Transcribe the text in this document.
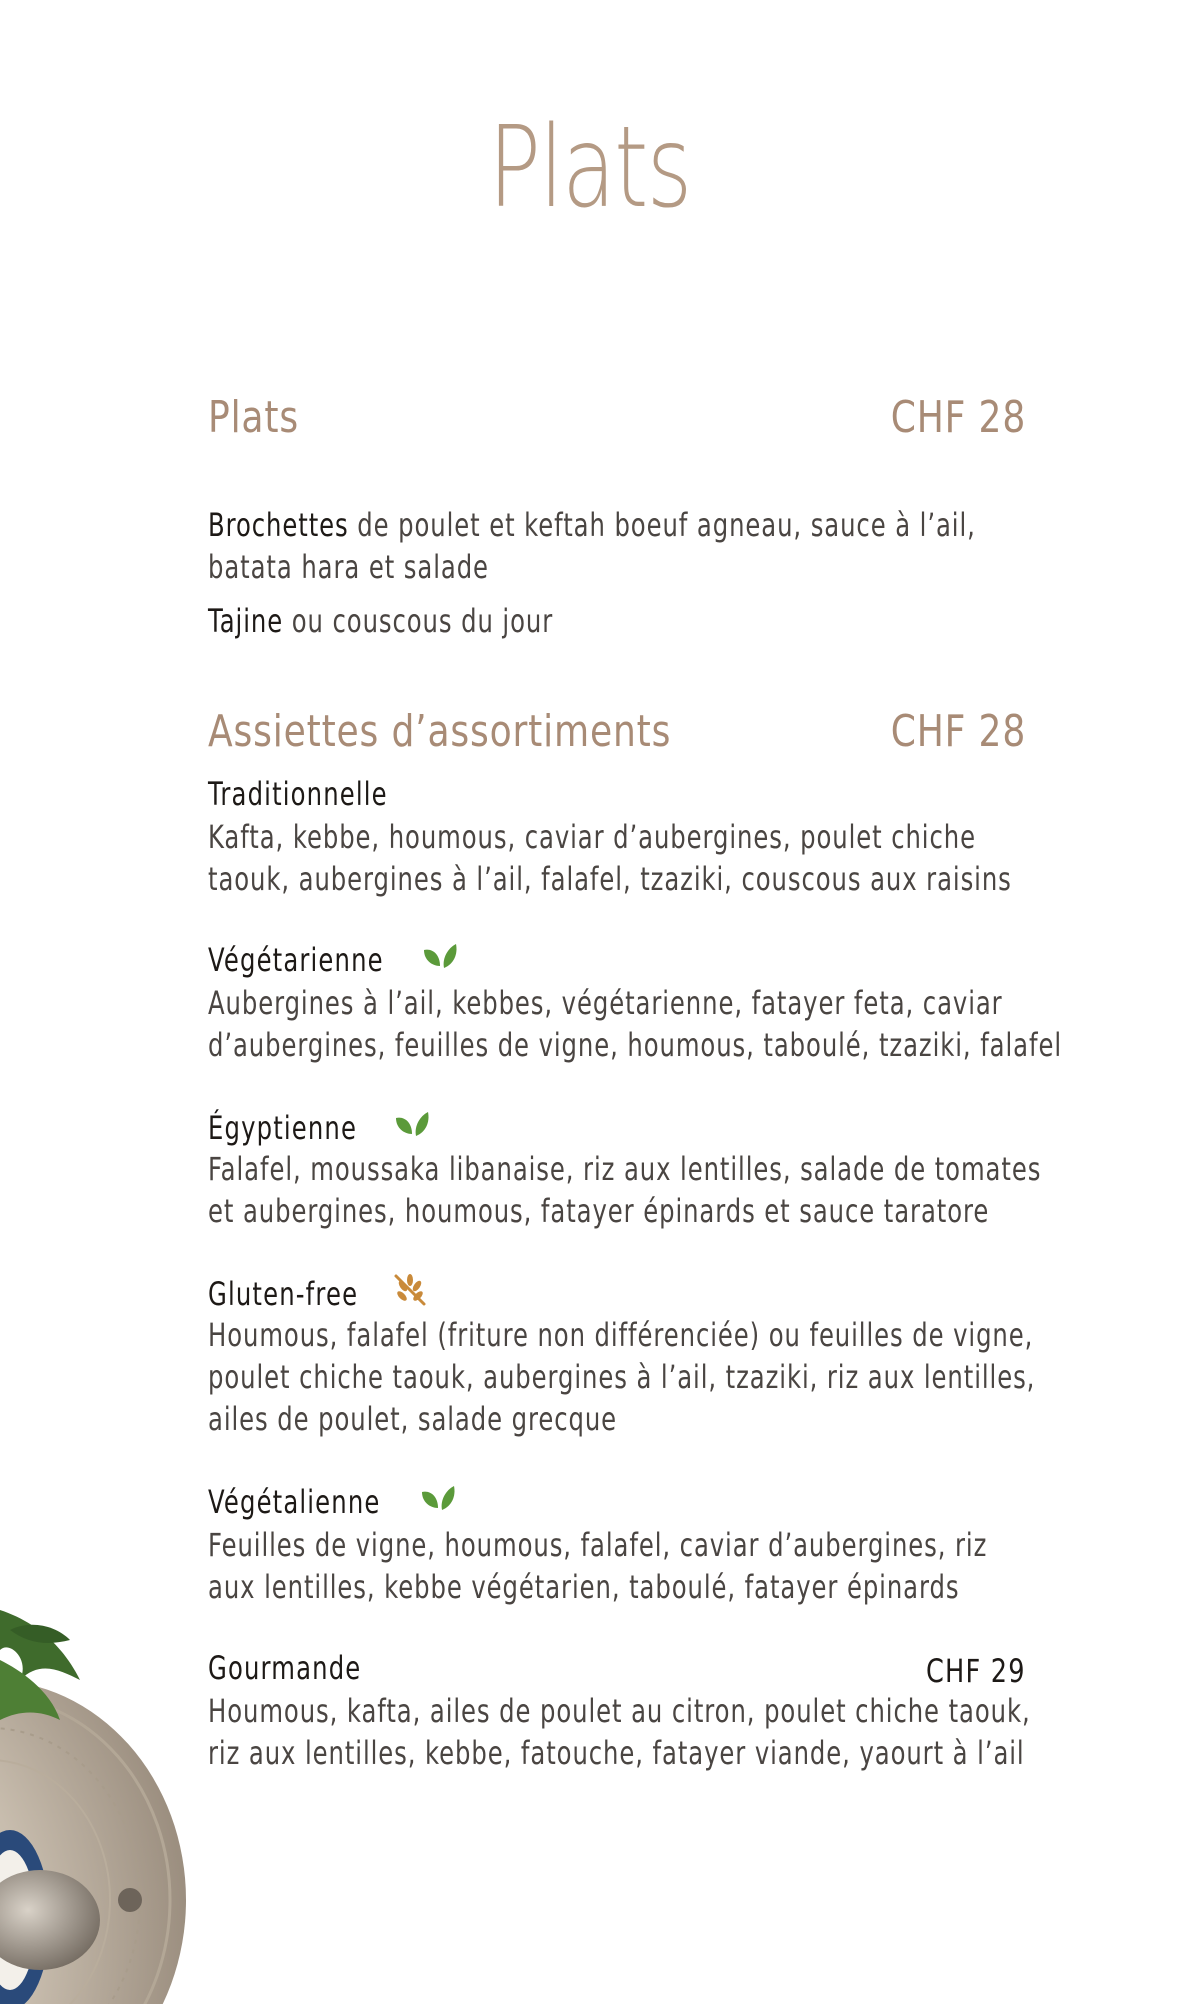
Plats
Plats	CHF 28
Brochettes de poulet et keftah boeuf agneau, sauce à l’ail,
batata hara et salade
Tajine ou couscous du jour
Assiettes d’assortiments	CHF 28
Traditionnelle
Kafta, kebbe, houmous, caviar d’aubergines, poulet chiche
taouk, aubergines à l’ail, falafel, tzaziki, couscous aux raisins
Végétarienne
Aubergines à l’ail, kebbes, végétarienne, fatayer feta, caviar
d’aubergines, feuilles de vigne, houmous, taboulé, tzaziki, falafel
Égyptienne
Falafel, moussaka libanaise, riz aux lentilles, salade de tomates
et aubergines, houmous, fatayer épinards et sauce taratore
Gluten-free
Houmous, falafel (friture non différenciée) ou feuilles de vigne,
poulet chiche taouk, aubergines à l’ail, tzaziki, riz aux lentilles,
ailes de poulet, salade grecque
Végétalienne
Feuilles de vigne, houmous, falafel, caviar d’aubergines, riz
aux lentilles, kebbe végétarien, taboulé, fatayer épinards
Gourmande	CHF 29
Houmous, kafta, ailes de poulet au citron, poulet chiche taouk,
riz aux lentilles, kebbe, fatouche, fatayer viande, yaourt à l’ail
